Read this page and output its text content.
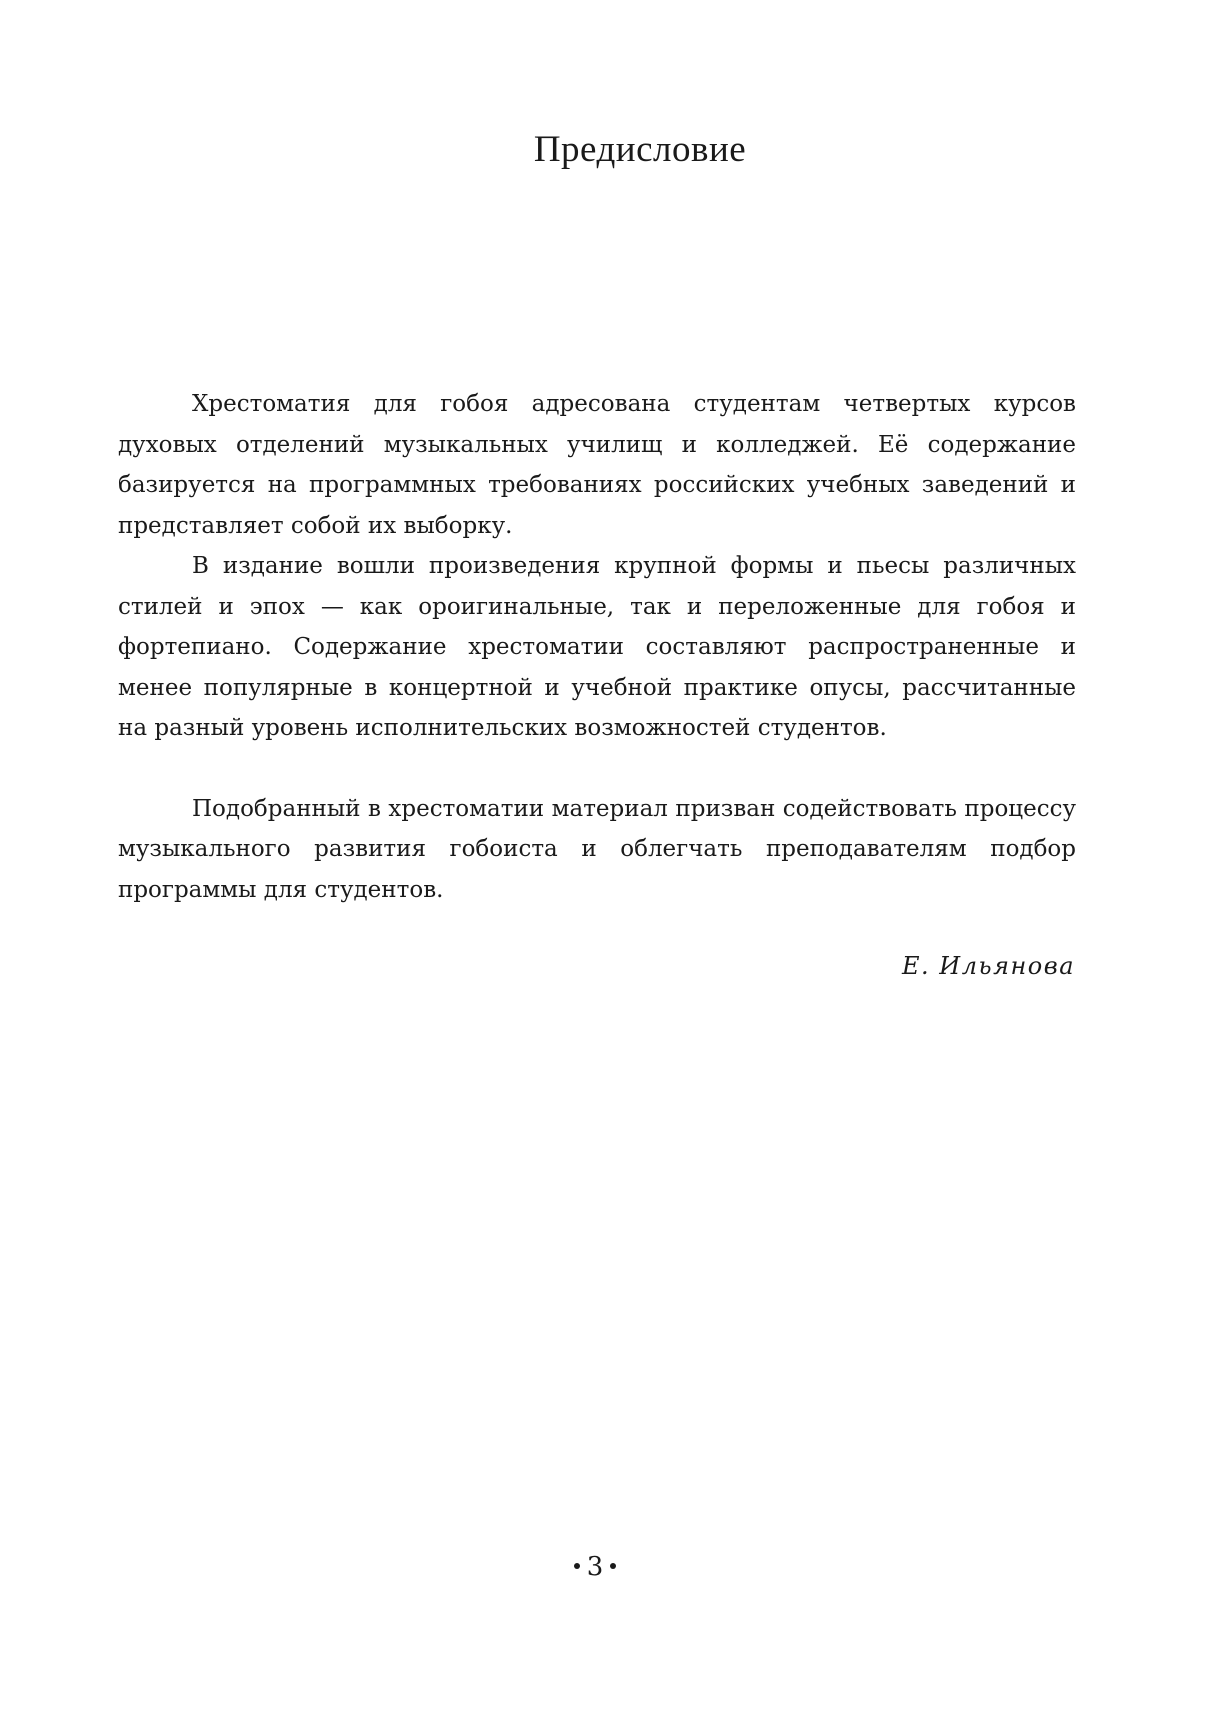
Предисловие

Хрестоматия для гобоя адресована студентам четвертых курсов духовых отделений музыкальных училищ и колледжей. Её содержание базируется на программных требованиях российских учебных заведений и представляет собой их выборку.

В издание вошли произведения крупной формы и пьесы различных стилей и эпох — как ороигинальные, так и переложенные для гобоя и фортепиано. Содержание хрестоматии составляют распространенные и менее популярные в концертной и учебной практике опусы, рассчитанные на разный уровень исполнительских возможностей студентов.

Подобранный в хрестоматии материал призван содействовать процессу музыкального развития гобоиста и облегчать преподавателям подбор программы для студентов.

Е. Ильянова
3
